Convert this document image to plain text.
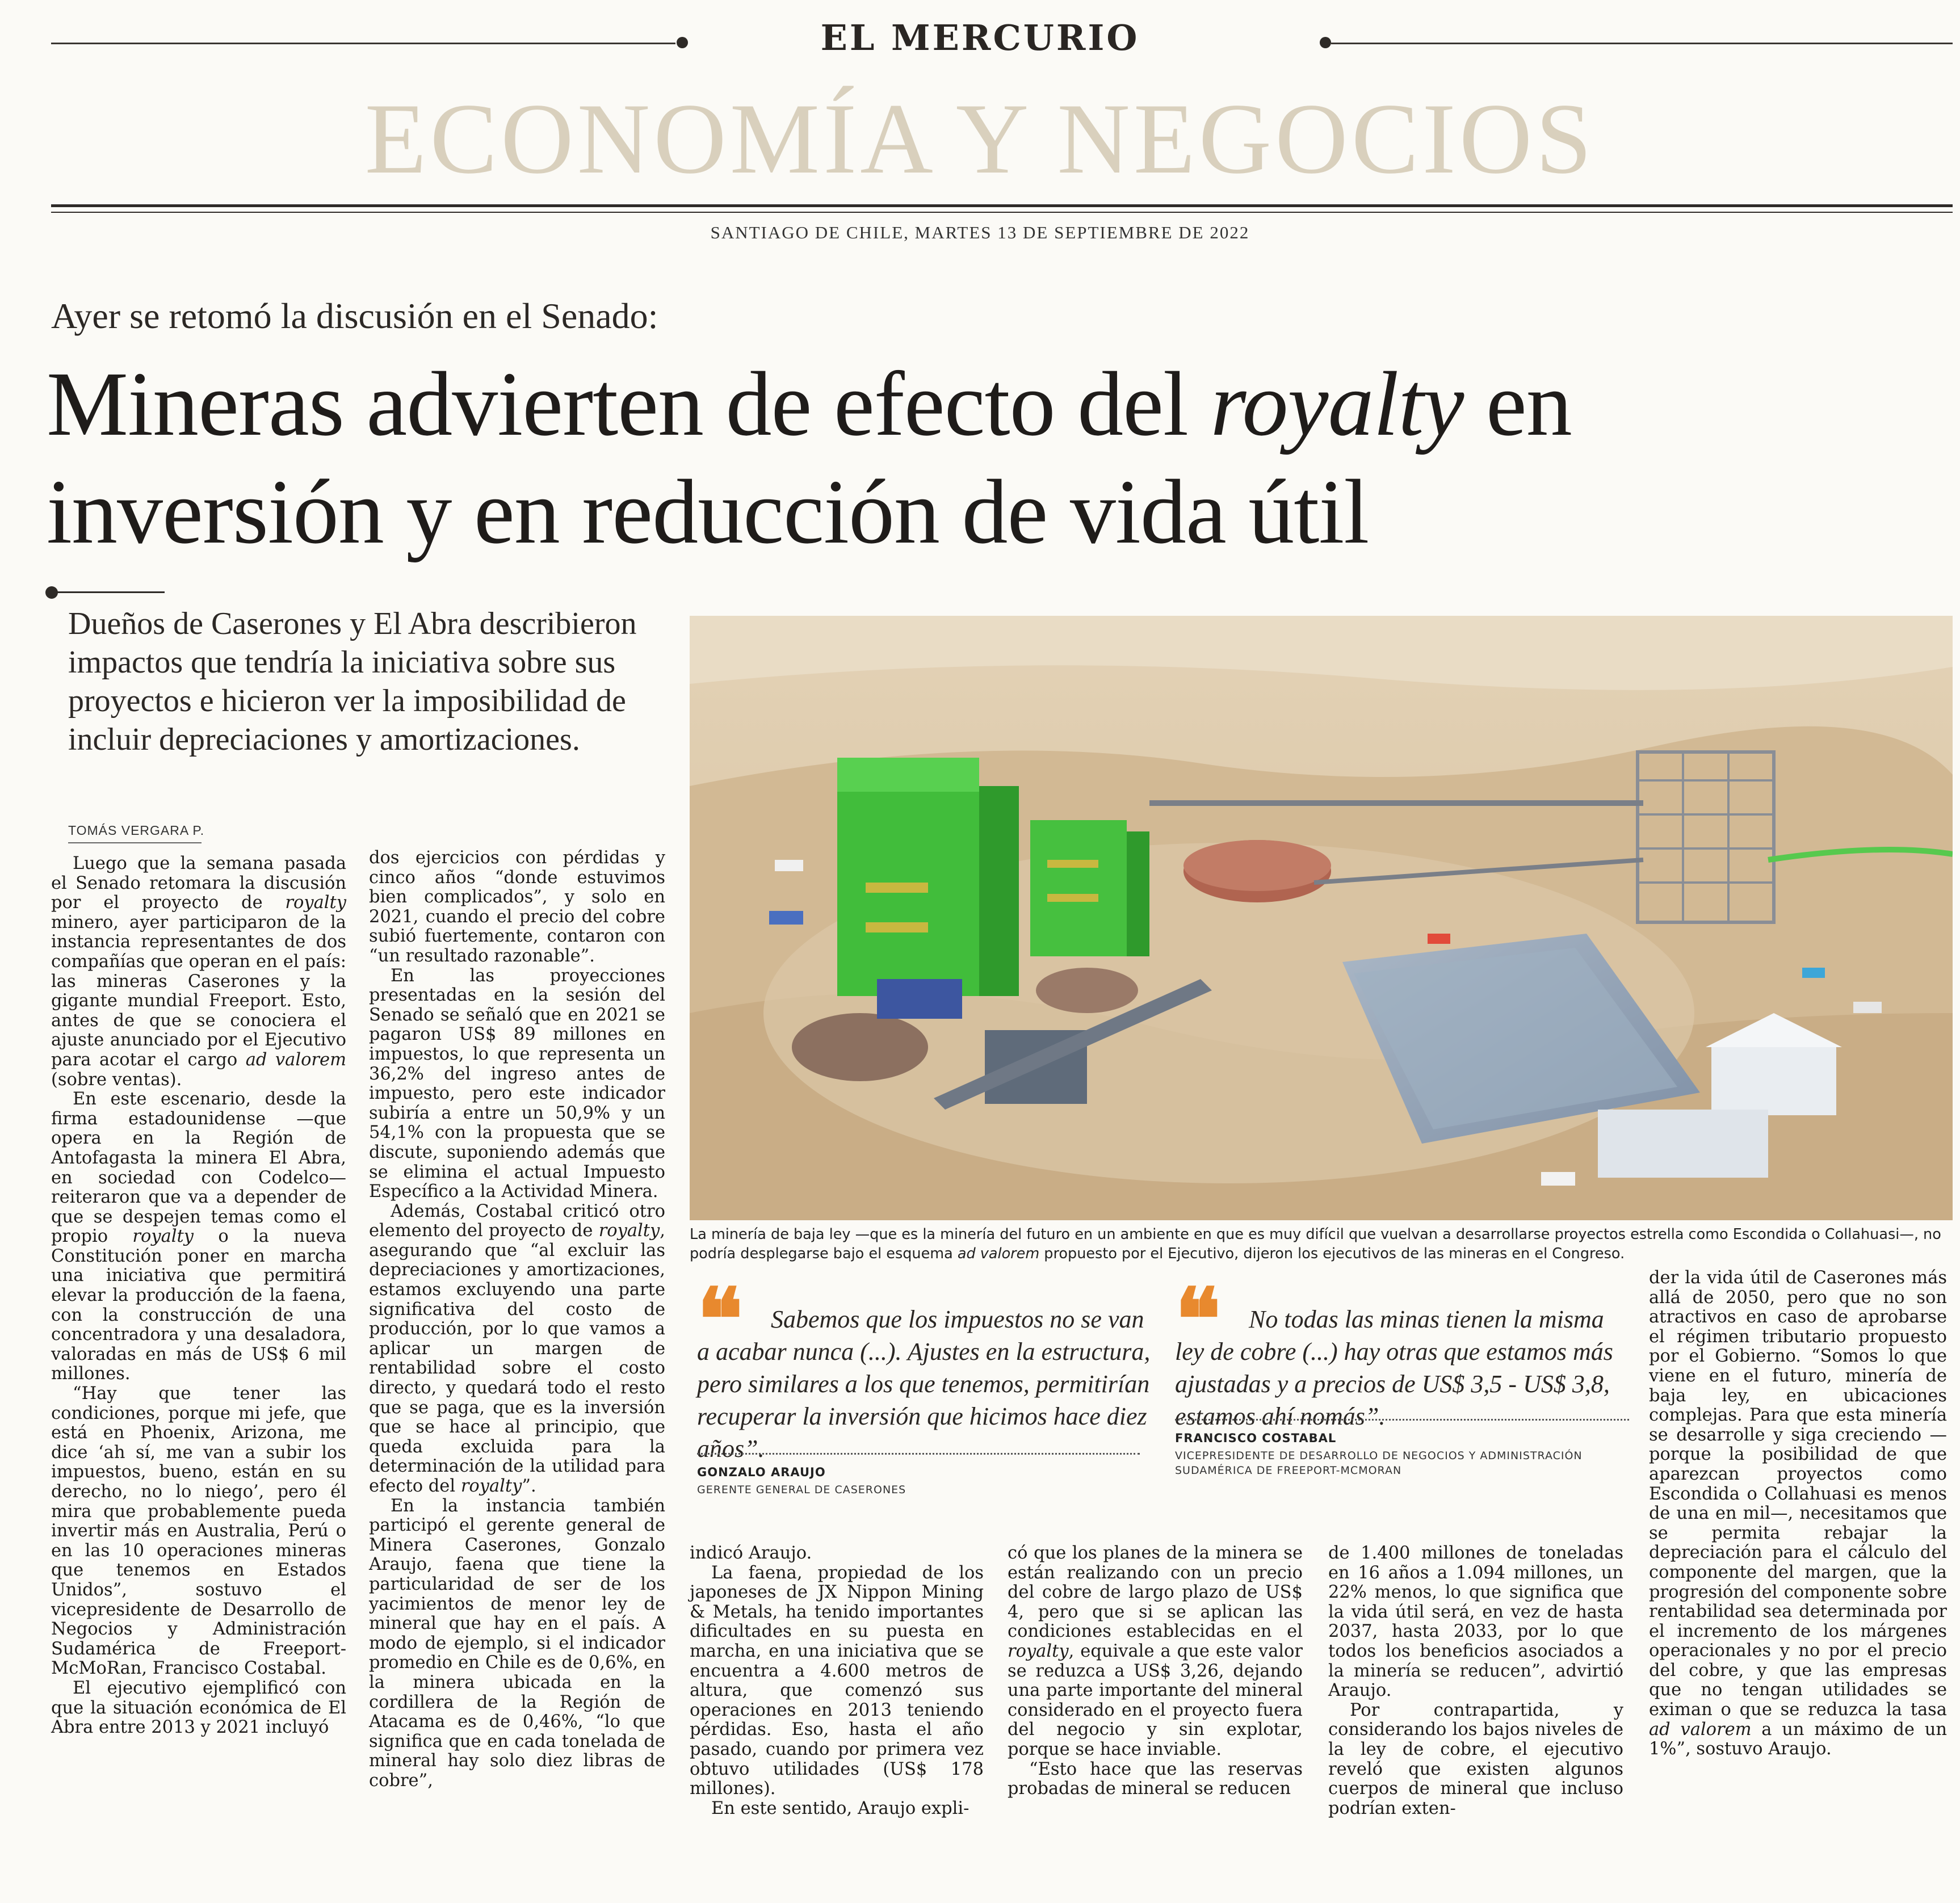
EL MERCURIO
ECONOMÍA Y NEGOCIOS
SANTIAGO DE CHILE, MARTES 13 DE SEPTIEMBRE DE 2022
Ayer se retomó la discusión en el Senado:
Mineras advierten de efecto del royalty en
inversión y en reducción de vida útil
Dueños de Caserones y El Abra describieron impactos que tendría la iniciativa sobre sus proyectos e hicieron ver la imposibilidad de incluir depreciaciones y amortizaciones.
TOMÁS VERGARA P.

Luego que la semana pasada el Senado retomara la discusión por el proyecto de royalty minero, ayer participaron de la instancia representantes de dos compañías que operan en el país: las mineras Caserones y la gigante mundial Freeport. Esto, antes de que se conociera el ajuste anunciado por el Ejecutivo para acotar el cargo ad valorem (sobre ventas).

En este escenario, desde la firma estadounidense —que opera en la Región de Antofagasta la minera El Abra, en sociedad con Codelco— reiteraron que va a depender de que se despejen temas como el propio royalty o la nueva Constitución poner en marcha una iniciativa que permitirá elevar la producción de la faena, con la construcción de una concentradora y una desaladora, valoradas en más de US$ 6 mil millones.

“Hay que tener las condiciones, porque mi jefe, que está en Phoenix, Arizona, me dice ‘ah sí, me van a subir los impuestos, bueno, están en su derecho, no lo niego’, pero él mira que probablemente pueda invertir más en Australia, Perú o en las 10 operaciones mineras que tenemos en Estados Unidos”, sostuvo el vicepresidente de Desarrollo de Negocios y Administración Sudamérica de Freeport-McMoRan, Francisco Costabal.

El ejecutivo ejemplificó con que la situación económica de El Abra entre 2013 y 2021 incluyó

dos ejercicios con pérdidas y cinco años “donde estuvimos bien complicados”, y solo en 2021, cuando el precio del cobre subió fuertemente, contaron con “un resultado razonable”.

En las proyecciones presentadas en la sesión del Senado se señaló que en 2021 se pagaron US$ 89 millones en impuestos, lo que representa un 36,2% del ingreso antes de impuesto, pero este indicador subiría a entre un 50,9% y un 54,1% con la propuesta que se discute, suponiendo además que se elimina el actual Impuesto Específico a la Actividad Minera.

Además, Costabal criticó otro elemento del proyecto de royalty, asegurando que “al excluir las depreciaciones y amortizaciones, estamos excluyendo una parte significativa del costo de producción, por lo que vamos a aplicar un margen de rentabilidad sobre el costo directo, y quedará todo el resto que se paga, que es la inversión que se hace al principio, que queda excluida para la determinación de la utilidad para efecto del royalty”.

En la instancia también participó el gerente general de Minera Caserones, Gonzalo Araujo, faena que tiene la particularidad de ser de los yacimientos de menor ley de mineral que hay en el país. A modo de ejemplo, si el indicador promedio en Chile es de 0,6%, en la minera ubicada en la cordillera de la Región de Atacama es de 0,46%, “lo que significa que en cada tonelada de mineral hay solo diez libras de cobre”,

La minería de baja ley —que es la minería del futuro en un ambiente en que es muy difícil que vuelvan a desarrollarse proyectos estrella como Escondida o Collahuasi—, no podría desplegarse bajo el esquema ad valorem propuesto por el Ejecutivo, dijeron los ejecutivos de las mineras en el Congreso.
❝	Sabemos que los impuestos no se van a acabar nunca (...). Ajustes en la estructura, pero similares a los que tenemos, permitirían recuperar la inversión que hicimos hace diez años”.
GONZALO ARAUJO
GERENTE GENERAL DE CASERONES
❝	No todas las minas tienen la misma ley de cobre (...) hay otras que estamos más ajustadas y a precios de US$ 3,5 - US$ 3,8, estamos ahí nomás”.
FRANCISCO COSTABAL
VICEPRESIDENTE DE DESARROLLO DE NEGOCIOS Y ADMINISTRACIÓN
SUDAMÉRICA DE FREEPORT-MCMORAN

indicó Araujo.

La faena, propiedad de los japoneses de JX Nippon Mining & Metals, ha tenido importantes dificultades en su puesta en marcha, en una iniciativa que se encuentra a 4.600 metros de altura, que comenzó sus operaciones en 2013 teniendo pérdidas. Eso, hasta el año pasado, cuando por primera vez obtuvo utilidades (US$ 178 millones).

En este sentido, Araujo expli-

có que los planes de la minera se están realizando con un precio del cobre de largo plazo de US$ 4, pero que si se aplican las condiciones establecidas en el royalty, equivale a que este valor se reduzca a US$ 3,26, dejando una parte importante del mineral considerado en el proyecto fuera del negocio y sin explotar, porque se hace inviable.

“Esto hace que las reservas probadas de mineral se reducen

de 1.400 millones de toneladas en 16 años a 1.094 millones, un 22% menos, lo que significa que la vida útil será, en vez de hasta 2037, hasta 2033, por lo que todos los beneficios asociados a la minería se reducen”, advirtió Araujo.

Por contrapartida, y considerando los bajos niveles de la ley de cobre, el ejecutivo reveló que existen algunos cuerpos de mineral que incluso podrían exten-

der la vida útil de Caserones más allá de 2050, pero que no son atractivos en caso de aprobarse el régimen tributario propuesto por el Gobierno. “Somos lo que viene en el futuro, minería de baja ley, en ubicaciones complejas. Para que esta minería se desarrolle y siga creciendo —porque la posibilidad de que aparezcan proyectos como Escondida o Collahuasi es menos de una en mil—, necesitamos que se permita rebajar la depreciación para el cálculo del componente del margen, que la progresión del componente sobre rentabilidad sea determinada por el incremento de los márgenes operacionales y no por el precio del cobre, y que las empresas que no tengan utilidades se eximan o que se reduzca la tasa ad valorem a un máximo de un 1%”, sostuvo Araujo.
